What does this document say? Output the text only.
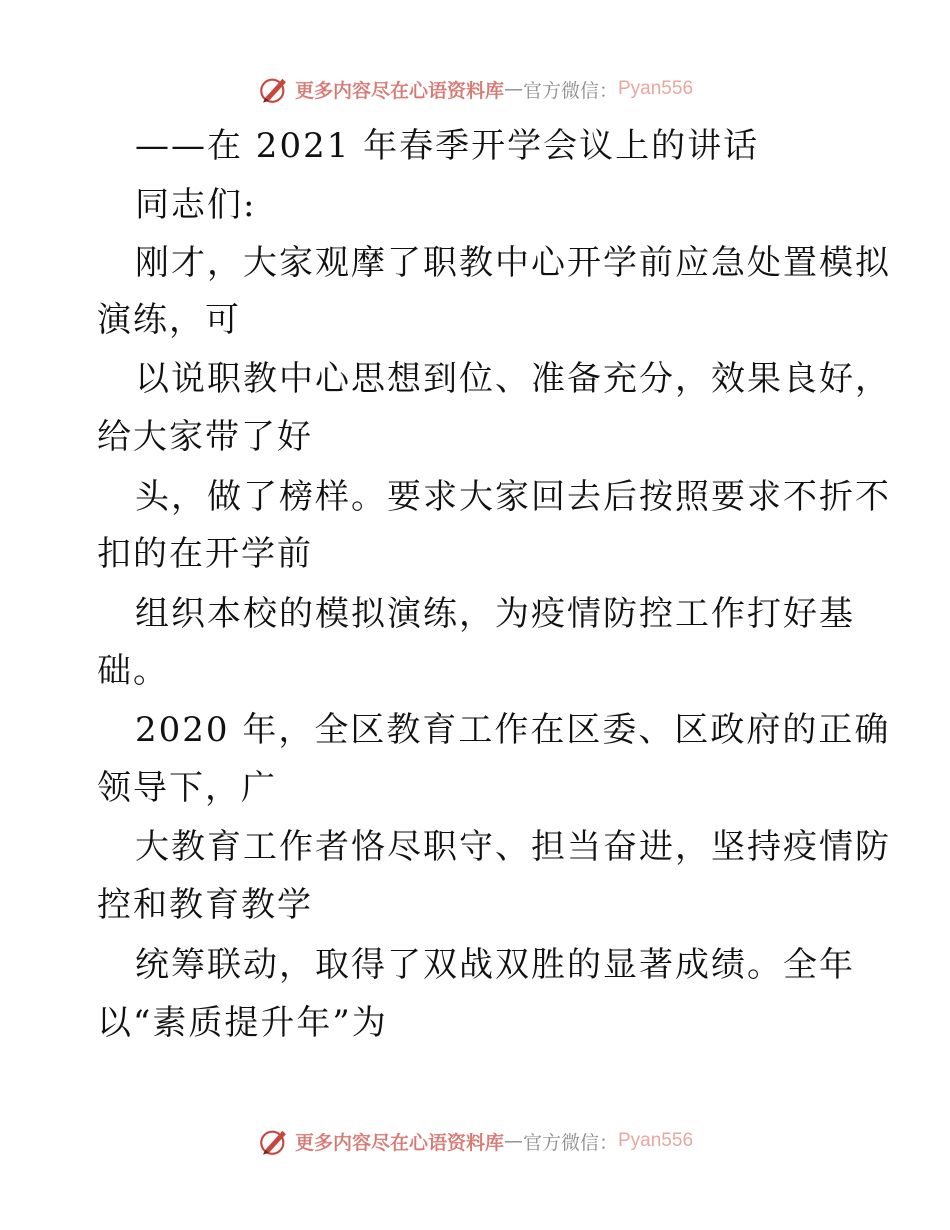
更多内容尽在心语资料库 — 官方微信： Pyan556
——在 2021 年春季开学会议上的讲话
同志们:
刚才，大家观摩了职教中心开学前应急处置模拟
演练，可
以说职教中心思想到位、准备充分，效果良好，
给大家带了好
头，做了榜样。要求大家回去后按照要求不折不
扣的在开学前
组织本校的模拟演练，为疫情防控工作打好基
础。
2020 年，全区教育工作在区委、区政府的正确
领导下，广
大教育工作者恪尽职守、担当奋进，坚持疫情防
控和教育教学
统筹联动，取得了双战双胜的显著成绩。全年
以“素质提升年”为
更多内容尽在心语资料库 — 官方微信： Pyan556
